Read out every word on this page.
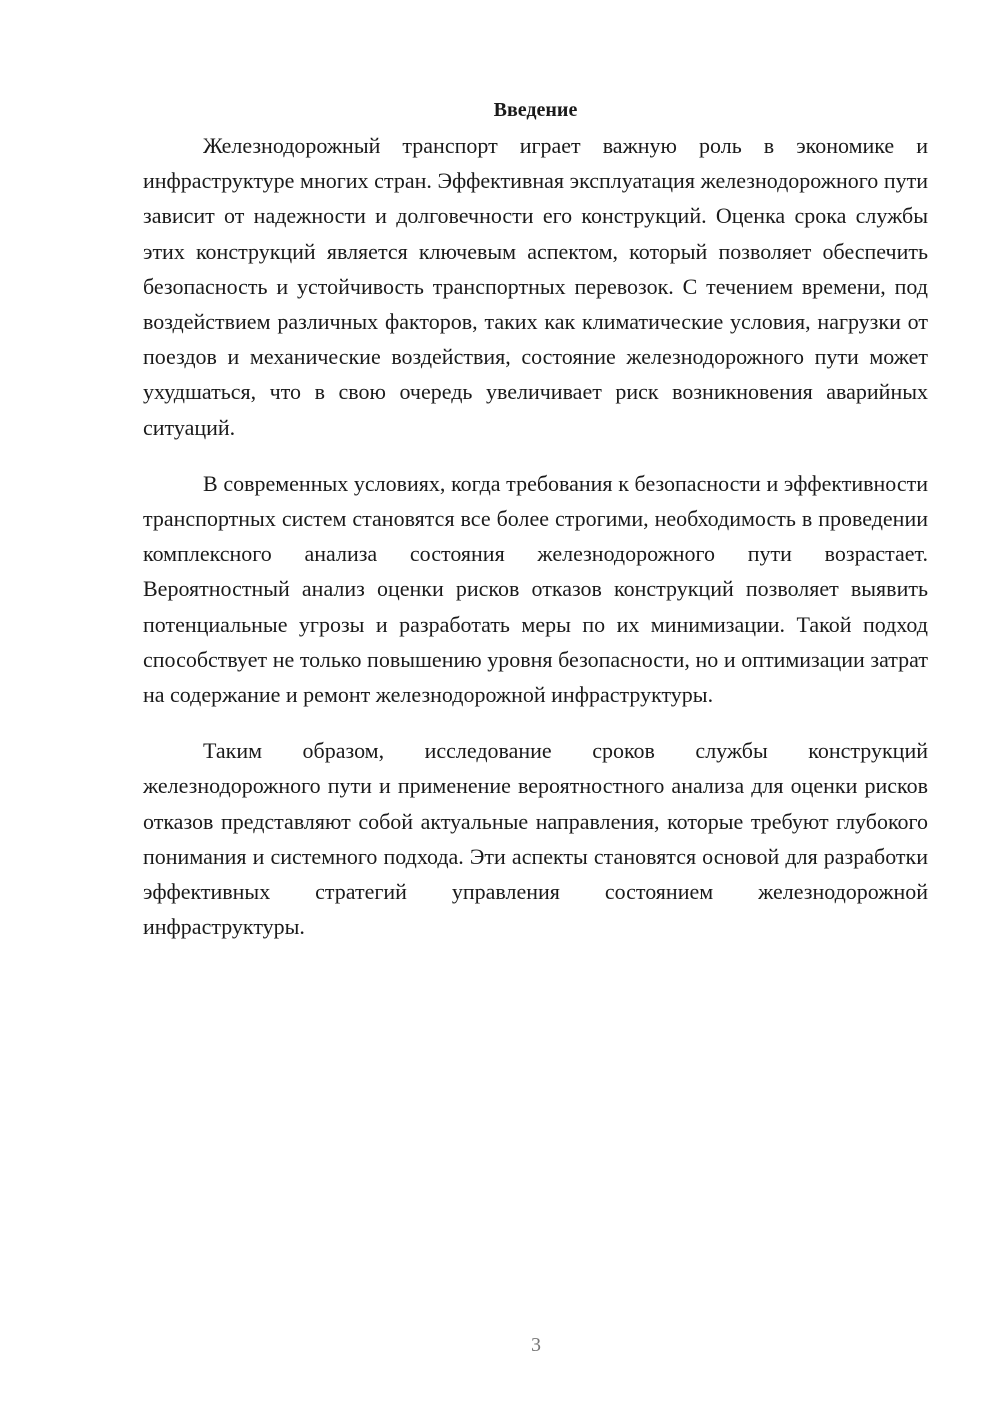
Введение

Железнодорожный транспорт играет важную роль в экономике и инфраструктуре многих стран. Эффективная эксплуатация железнодорожного пути зависит от надежности и долговечности его конструкций. Оценка срока службы этих конструкций является ключевым аспектом, который позволяет обеспечить безопасность и устойчивость транспортных перевозок. С течением времени, под воздействием различных факторов, таких как климатические условия, нагрузки от поездов и механические воздействия, состояние железнодорожного пути может ухудшаться, что в свою очередь увеличивает риск возникновения аварийных ситуаций.

В современных условиях, когда требования к безопасности и эффективности транспортных систем становятся все более строгими, необходимость в проведении комплексного анализа состояния железнодорожного пути возрастает. Вероятностный анализ оценки рисков отказов конструкций позволяет выявить потенциальные угрозы и разработать меры по их минимизации. Такой подход способствует не только повышению уровня безопасности, но и оптимизации затрат на содержание и ремонт железнодорожной инфраструктуры.

Таким образом, исследование сроков службы конструкций железнодорожного пути и применение вероятностного анализа для оценки рисков отказов представляют собой актуальные направления, которые требуют глубокого понимания и системного подхода. Эти аспекты становятся основой для разработки эффективных стратегий управления состоянием железнодорожной инфраструктуры.

3
